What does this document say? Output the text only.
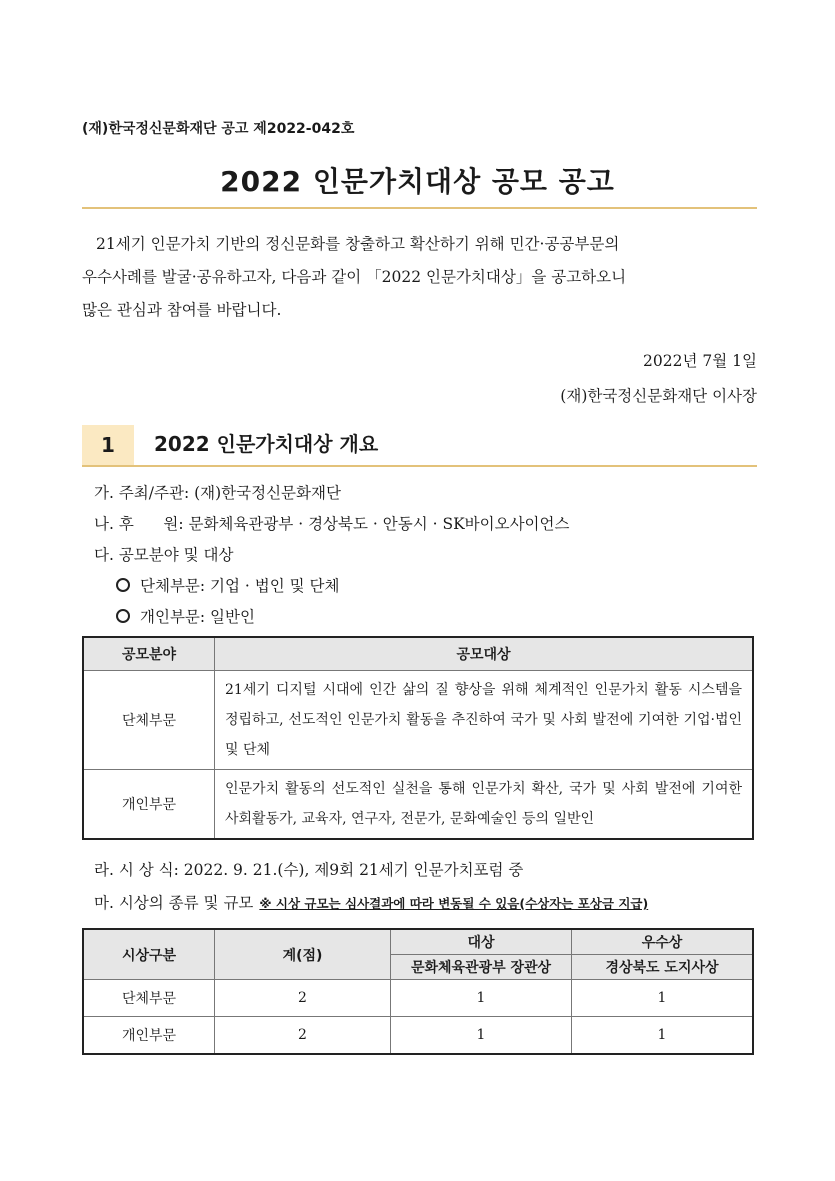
(재)한국정신문화재단 공고 제2022-042호
2022 인문가치대상 공모 공고

21세기 인문가치 기반의 정신문화를 창출하고 확산하기 위해 민간·공공부문의

우수사례를 발굴·공유하고자, 다음과 같이 「2022 인문가치대상」을 공고하오니
많은 관심과 참여를 바랍니다.
2022년 7월 1일
(재)한국정신문화재단 이사장
1	2022 인문가치대상 개요
가. 주최/주관: (재)한국정신문화재단
나. 후      원: 문화체육관광부 · 경상북도 · 안동시 · SK바이오사이언스
다. 공모분야 및 대상
단체부문: 기업 · 법인 및 단체
개인부문: 일반인
공모분야	공모대상
단체부문	21세기 디지털 시대에 인간 삶의 질 향상을 위해 체계적인 인문가치 활동 시스템을 정립하고, 선도적인 인문가치 활동을 추진하여 국가 및 사회 발전에 기여한 기업·법인 및 단체
개인부문	인문가치 활동의 선도적인 실천을 통해 인문가치 확산, 국가 및 사회 발전에 기여한 사회활동가, 교육자, 연구자, 전문가, 문화예술인 등의 일반인
라. 시 상 식: 2022. 9. 21.(수), 제9회 21세기 인문가치포럼 중
마. 시상의 종류 및 규모 ※ 시상 규모는 심사결과에 따라 변동될 수 있음(수상자는 포상금 지급)
시상구분	계(점)	대상	우수상
		문화체육관광부 장관상	경상북도 도지사상
단체부문	2	1	1
개인부문	2	1	1
